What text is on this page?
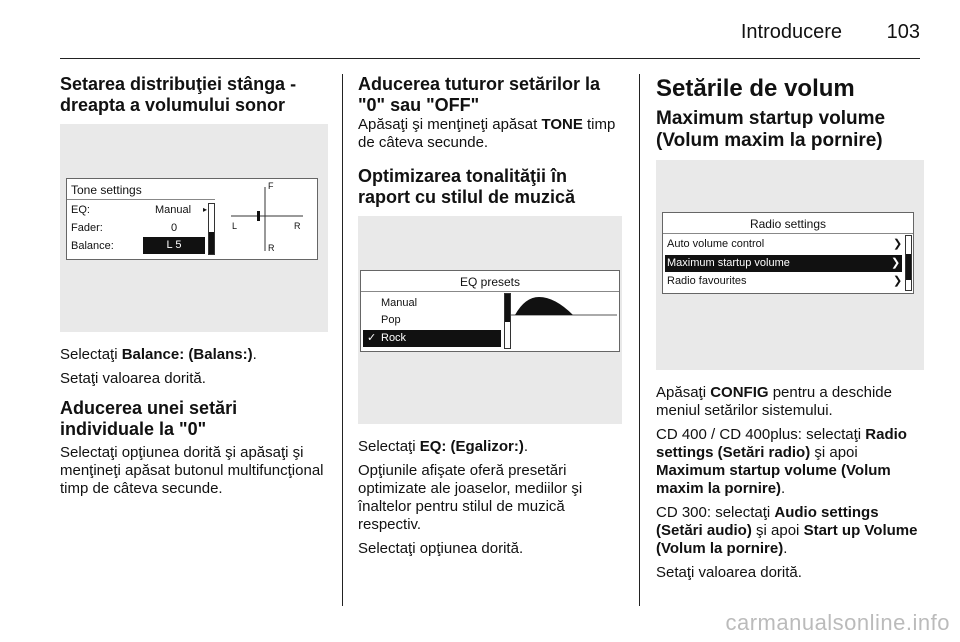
Introducere 103
Setarea distribuţiei stânga - dreapta a volumului sonor
Tone settings
EQ:	Manual ▸
Fader:	0
Balance:	L 5
F
L	R
R

Selectaţi Balance: (Balans:).

Setaţi valoarea dorită.

Aducerea unei setări individuale la "0"

Selectaţi opţiunea dorită şi apăsaţi şi menţineţi apăsat butonul multifuncţional timp de câteva secunde.

Aducerea tuturor setărilor la "0" sau "OFF"

Apăsaţi şi menţineţi apăsat TONE timp de câteva secunde.

Optimizarea tonalităţii în raport cu stilul de muzică
EQ presets
Manual
Pop
✓ Rock

Selectaţi EQ: (Egalizor:).

Opţiunile afişate oferă presetări optimizate ale joaselor, mediilor şi înaltelor pentru stilul de muzică respectiv.

Selectaţi opţiunea dorită.

Setările de volum
Maximum startup volume (Volum maxim la pornire)
Radio settings
Auto volume control	❯
Maximum startup volume	❯
Radio favourites	❯

Apăsaţi CONFIG pentru a deschide meniul setărilor sistemului.

CD 400 / CD 400plus: selectaţi Radio settings (Setări radio) şi apoi Maximum startup volume (Volum maxim la pornire).

CD 300: selectaţi Audio settings (Setări audio) şi apoi Start up Volume (Volum la pornire).

Setaţi valoarea dorită.

carmanualsonline.info
